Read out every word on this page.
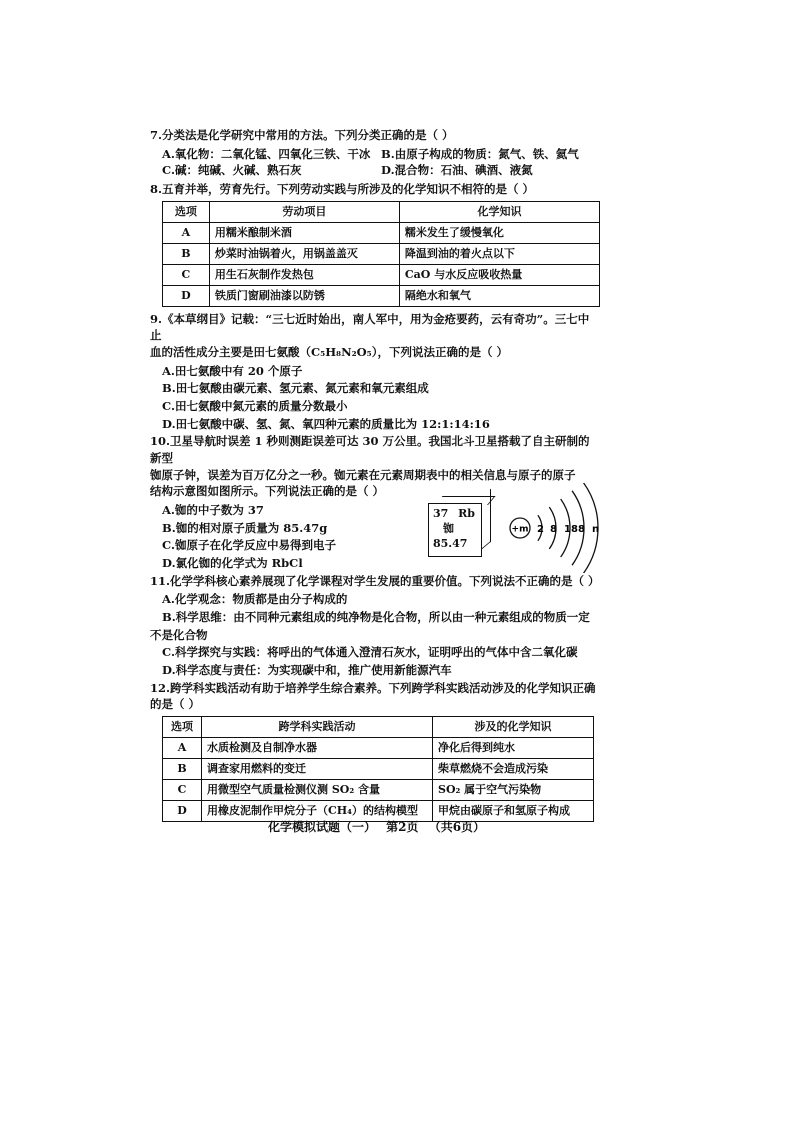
7.分类法是化学研究中常用的方法。下列分类正确的是（ ）

A.氧化物：二氧化锰、四氧化三铁、干冰 B.由原子构成的物质：氮气、铁、氦气
C.碱：纯碱、火碱、熟石灰	D.混合物：石油、碘酒、液氮

8.五育并举，劳育先行。下列劳动实践与所涉及的化学知识不相符的是（ ）

选项	劳动项目	化学知识
A	用糯米酿制米酒	糯米发生了缓慢氧化
B	炒菜时油锅着火，用锅盖盖灭	降温到油的着火点以下
C	用生石灰制作发热包	CaO 与水反应吸收热量
D	铁质门窗刷油漆以防锈	隔绝水和氧气

9.《本草纲目》记载：“三七近时始出，南人军中，用为金疮要药，云有奇功”。三七中止

血的活性成分主要是田七氨酸（C₅H₈N₂O₅），下列说法正确的是（ ）

A.田七氨酸中有 20 个原子

B.田七氨酸由碳元素、氢元素、氮元素和氧元素组成

C.田七氨酸中氮元素的质量分数最小

D.田七氨酸中碳、氢、氮、氧四种元素的质量比为 12:1:14:16

10.卫星导航时误差 1 秒则测距误差可达 30 万公里。我国北斗卫星搭载了自主研制的新型

铷原子钟，误差为百万亿分之一秒。铷元素在元素周期表中的相关信息与原子的原子

结构示意图如图所示。下列说法正确的是（ ）

A.铷的中子数为 37

B.铷的相对原子质量为 85.47g

C.铷原子在化学反应中易得到电子

D.氯化铷的化学式为 RbCl

37 Rb
铷
85.47
+m 2 8 18 8 n

11.化学学科核心素养展现了化学课程对学生发展的重要价值。下列说法不正确的是（ ）

A.化学观念：物质都是由分子构成的

B.科学思维：由不同种元素组成的纯净物是化合物，所以由一种元素组成的物质一定

不是化合物

C.科学探究与实践：将呼出的气体通入澄清石灰水，证明呼出的气体中含二氧化碳

D.科学态度与责任：为实现碳中和，推广使用新能源汽车

12.跨学科实践活动有助于培养学生综合素养。下列跨学科实践活动涉及的化学知识正确

的是（ ）

选项	跨学科实践活动	涉及的化学知识
A	水质检测及自制净水器	净化后得到纯水
B	调查家用燃料的变迁	柴草燃烧不会造成污染
C	用微型空气质量检测仪测 SO₂ 含量	SO₂ 属于空气污染物
D	用橡皮泥制作甲烷分子（CH₄）的结构模型	甲烷由碳原子和氢原子构成
化学模拟试题（一） 第2页 （共6页）
